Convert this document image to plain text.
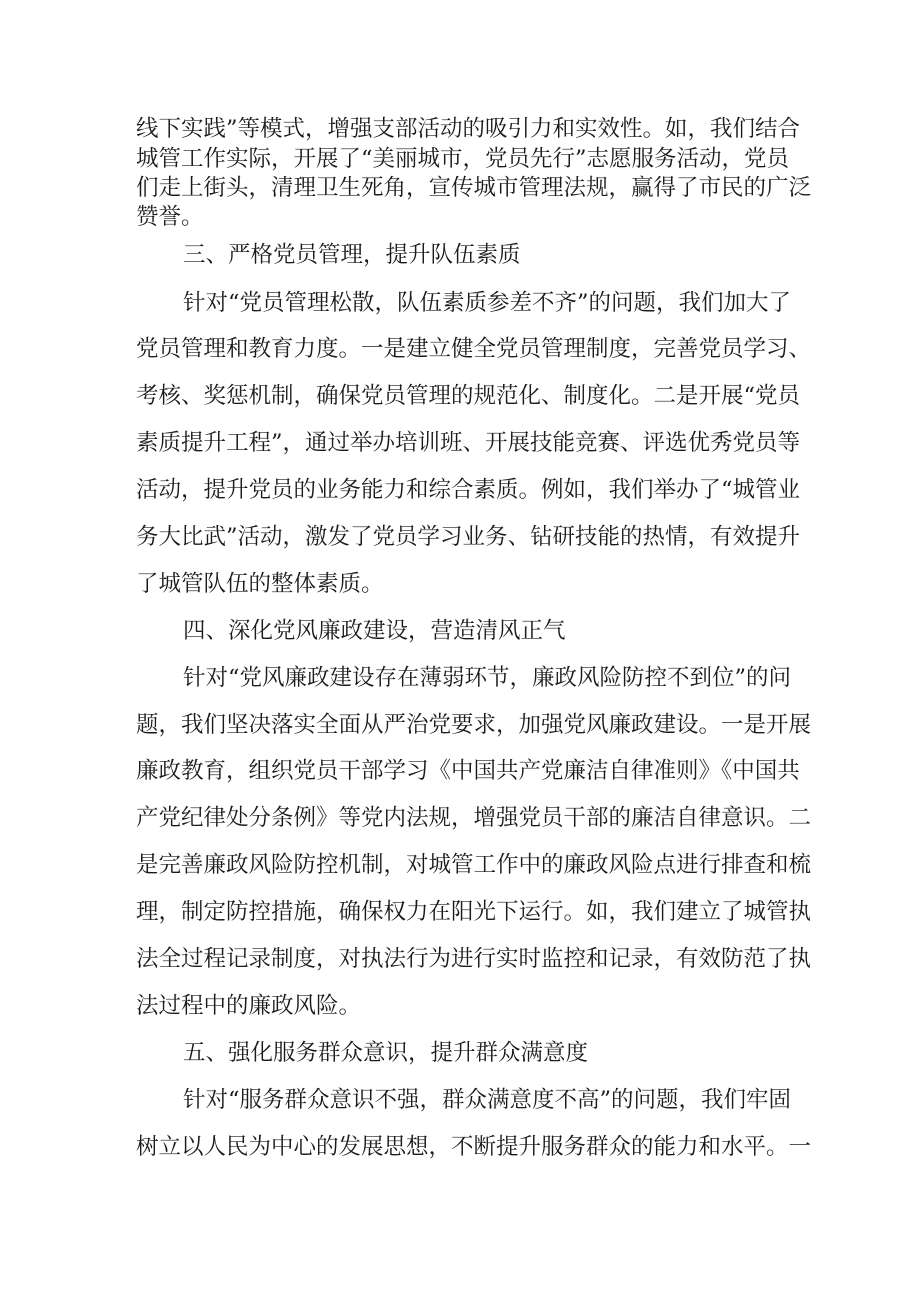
线下实践”等模式，增强支部活动的吸引力和实效性。如，我们结合
城管工作实际，开展了“美丽城市，党员先行”志愿服务活动，党员
们走上街头，清理卫生死角，宣传城市管理法规，赢得了市民的广泛
赞誉。
三、严格党员管理，提升队伍素质
针对“党员管理松散，队伍素质参差不齐”的问题，我们加大了
党员管理和教育力度。一是建立健全党员管理制度，完善党员学习、
考核、奖惩机制，确保党员管理的规范化、制度化。二是开展“党员
素质提升工程”，通过举办培训班、开展技能竞赛、评选优秀党员等
活动，提升党员的业务能力和综合素质。例如，我们举办了“城管业
务大比武”活动，激发了党员学习业务、钻研技能的热情，有效提升
了城管队伍的整体素质。
四、深化党风廉政建设，营造清风正气
针对“党风廉政建设存在薄弱环节，廉政风险防控不到位”的问
题，我们坚决落实全面从严治党要求，加强党风廉政建设。一是开展
廉政教育，组织党员干部学习《中国共产党廉洁自律准则》《中国共
产党纪律处分条例》等党内法规，增强党员干部的廉洁自律意识。二
是完善廉政风险防控机制，对城管工作中的廉政风险点进行排查和梳
理，制定防控措施，确保权力在阳光下运行。如，我们建立了城管执
法全过程记录制度，对执法行为进行实时监控和记录，有效防范了执
法过程中的廉政风险。
五、强化服务群众意识，提升群众满意度
针对“服务群众意识不强，群众满意度不高”的问题，我们牢固
树立以人民为中心的发展思想，不断提升服务群众的能力和水平。一
